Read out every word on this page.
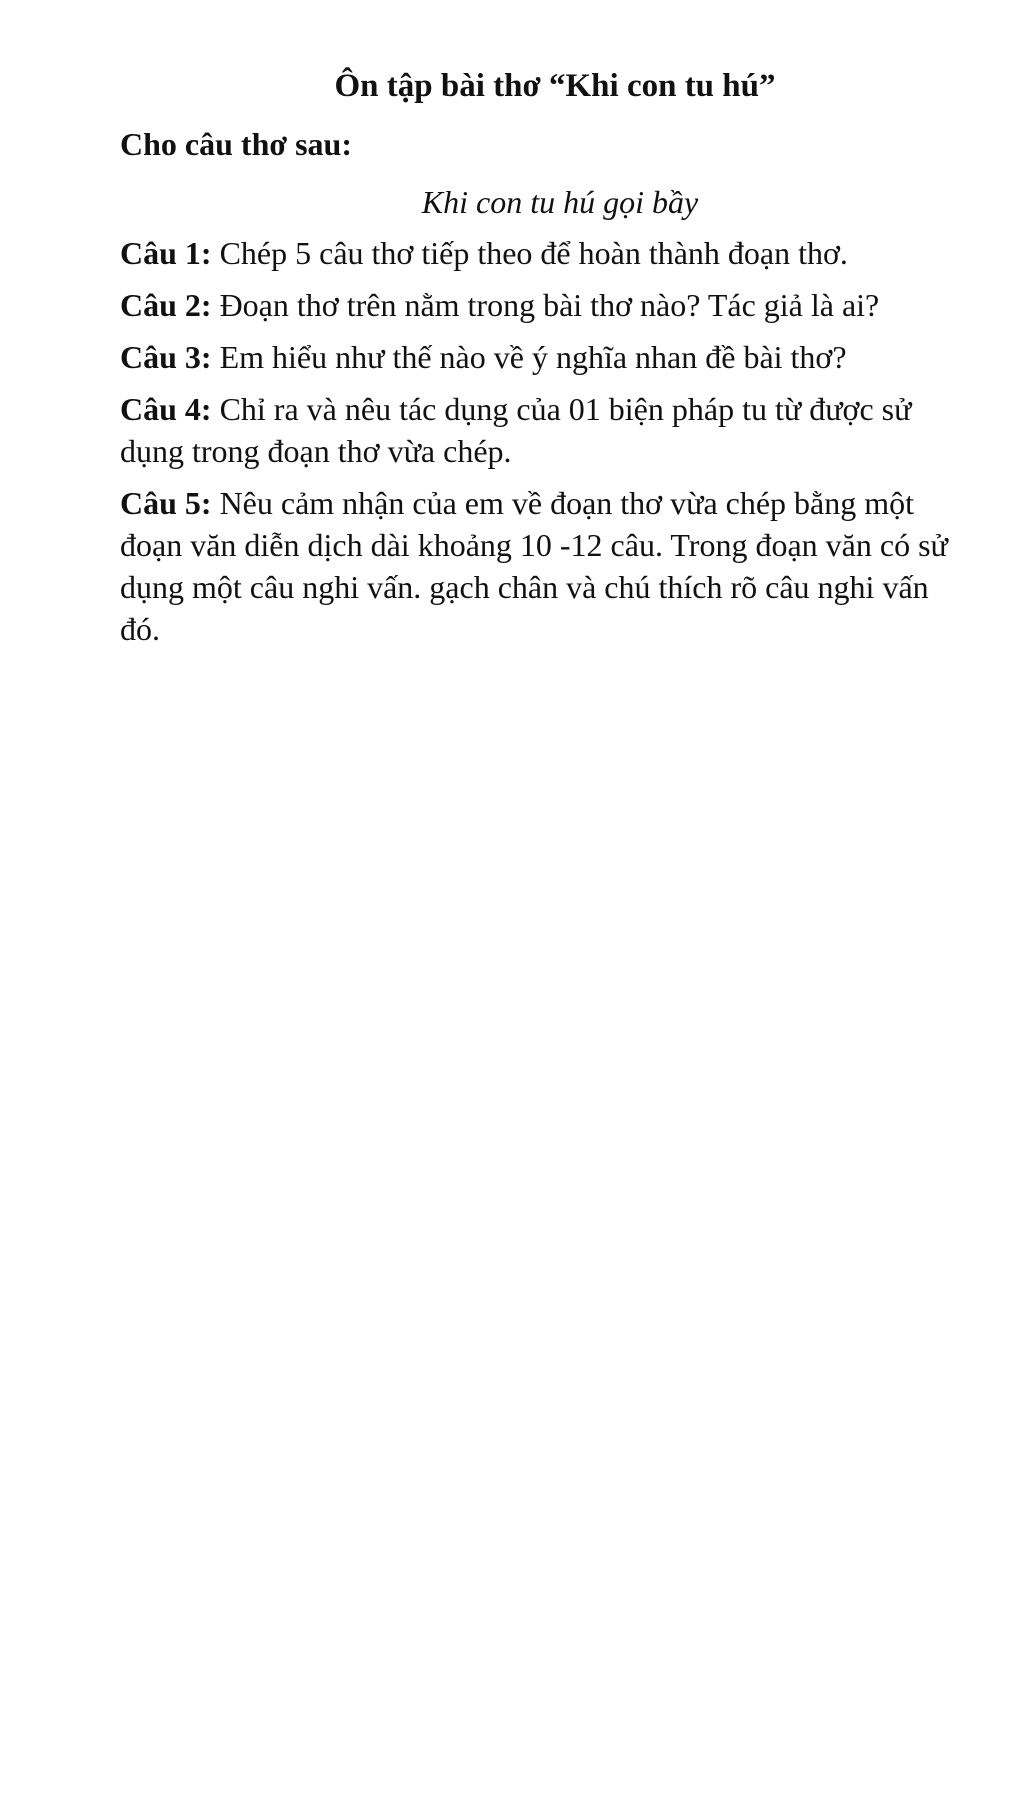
Ôn tập bài thơ “Khi con tu hú”

Cho câu thơ sau:

Khi con tu hú gọi bầy

Câu 1: Chép 5 câu thơ tiếp theo để hoàn thành đoạn thơ.

Câu 2: Đoạn thơ trên nằm trong bài thơ nào? Tác giả là ai?

Câu 3: Em hiểu như thế nào về ý nghĩa nhan đề bài thơ?

Câu 4: Chỉ ra và nêu tác dụng của 01 biện pháp tu từ được sử dụng trong đoạn thơ vừa chép.

Câu 5: Nêu cảm nhận của em về đoạn thơ vừa chép bằng một đoạn văn diễn dịch dài khoảng 10 -12 câu. Trong đoạn văn có sử dụng một câu nghi vấn. gạch chân và chú thích rõ câu nghi vấn đó.
